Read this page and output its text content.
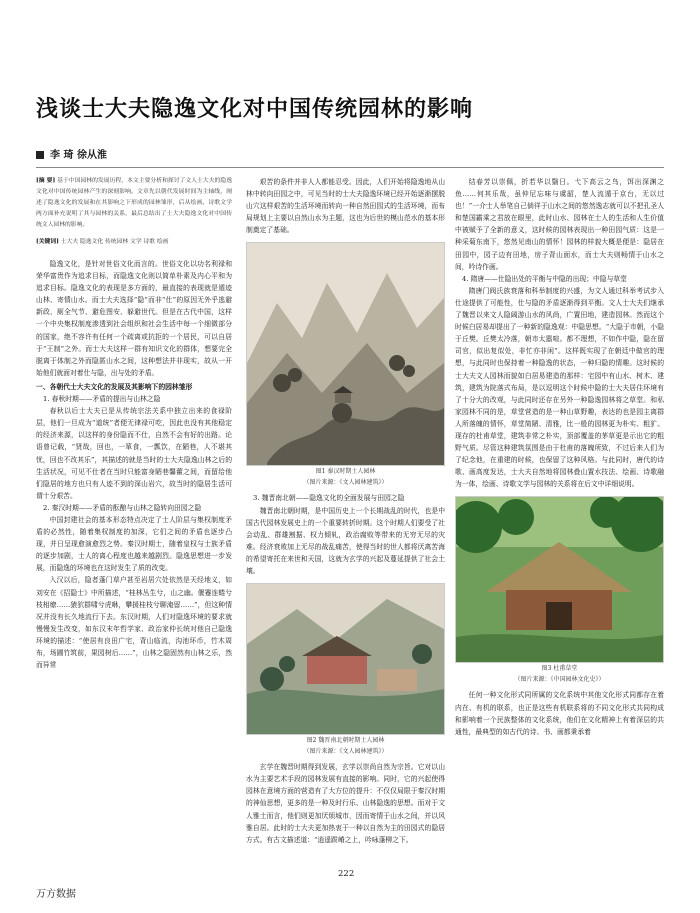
浅谈士大夫隐逸文化对中国传统园林的影响
李 琦 徐从淮

[摘 要] 基于中国园林的发展历程，本文主要分析和探讨了文人士大夫的隐逸文化对中国传统园林产生的深刻影响。文章先以朝代发展时间为主轴线，阐述了隐逸文化的发展和在其影响之下形成的园林雏形，后从绘画、诗歌文学两方面补充说明了其与园林的关系，最后总结出了士大夫隐逸文化对中国传统文人园林的影响。

[关键词] 士大夫 隐逸文化 传统园林 文学 诗歌 绘画

隐逸文化，是针对世俗文化而言的。世俗文化以功名利禄和荣华富贵作为追求目标，而隐逸文化则以简单朴素及内心平和为追求目标。隐逸文化的表现是多方面的，最直接的表现就是遁迹山林、寄情山水。而士大夫选择“隐”而非“仕”的原因无外乎逃避新政、厕全气节、避危图安、躲避世代。但是在古代中国，这样一个中央集权制度渗透到社会组织和社会生活中每一个细微部分的国家，绝不容许有任何一个疏离或抗拒的一个居民，可以自居于“王制”之外。而士大夫这样一群有知识文化的群体，想要完全脱离于体制之外而隐匿山水之间，这种想法并非现实，故从一开始他们就面对着仕与隐，出与处的矛盾。

一、各朝代士大夫文化的发展及其影响下的园林雏形

1. 春秋时期——矛盾的提出与山林之隐

春秋以后士大夫已是从传统宗法关系中独立出来的食禄阶层，他们一旦成为“道统”者便无律禄可吃，因此也没有其他稳定的经济来源，以这样的身份隐而不仕，自然不会有好的出路。论语曾记载，“贤哉，回也，一箪食，一瓢饮，在陋巷，人不堪其忧，回也不改其乐”，其描述的就是当时的士大夫隐逸山林之后的生活状况，可见不仕者在当时只能富身陋巷馨藿之间，而留给他们隐居的地方也只有人迹不到的深山岩穴，故当时的隐居生活可谓十分艰苦。

2. 秦汉时期——矛盾的酝酿与山林之隐转向田园之隐

中国封建社会的基本形态特点决定了士人阶层与集权制度矛盾的必然性，随着集权制度的加深，它们之间的矛盾也逐步凸现，并日呈现愈演愈烈之势。秦汉时期士，随着皇权与士族矛盾的逐步加剧，士人的离心程度也越来越剧烈。隐逸思想进一步发展，而隐逸的环境也在这时发生了质的改变。

入汉以后，隐者蓬门草户甚至岩居穴处依然是天经地义，如刘安在《招隐士》中所描述，“桂林丛生兮，山之幽。偃蹇连蜷兮枝相缭……猿狖群啸兮虎咻，攀援桂枝兮聊淹留……”，但这种情况并没有长久地流行下去。东汉时期，人们对隐逸环境的要求就慢慢发生改变，如东汉末年哲学家、政治家仲长统对他自己隐逸环境的描述：“使居有良田广宅，背山临流，沟池环币，竹木周布，场圃竹筑前，果园树后……”，山林之隐固然有山林之乐，然而异常

艰苦的条件并非人人都能忍受。因此，人们开始将隐逸地从山林中转向田园之中，可见当时的士大夫隐逸环境已经开始逐渐摆脱山穴这样艰苦的生活环境而转向一种自然田园式的生活环境，而布局规划上主要以自然山水为主题，这也为后世的模山范水的基本形制奠定了基础。

图1 秦汉时期士人园林

（图片来源：《文人园林建筑》）

3. 魏晋南北朝——隐逸文化的全面发展与田园之隐

魏晋南北朝时期，是中国历史上一个长期战乱的时代，也是中国古代园林发展史上的一个重要转折时期。这个时期人们要受了社会动乱、群雄割据、权力倾轧，政治腐败等带来的无穷无尽的灾难。经济衰败加上无尽的战乱痛苦，使得当时的世人都将厌离苦海的希望寄托在来世和天国，这就为玄学的兴起及蔓延提供了社会土壤。

图2 魏晋南北朝时期士人园林

（图片来源：《文人园林建筑》）

玄学在魏晋时期得到发展，玄学以崇尚自然为宗旨。它对以山水为主要艺术手段的园林发展有直接的影响。同时，它的兴起使得园林在意境方面的营造有了大方位的提升：不仅仅局限于秦汉时期的神仙思想，更多的是一种及时行乐、山林隐逸的思想。而对于文人雅士而言，他们则更加厌烦城市，因而寄情于山水之间，并以风雅自居。此时的士大夫更加热衷于一种以自然为主的田园式的隐居方式。有古文描述道：“逍遥跋嵴之上，吟咏蓬柳之下。

结春芳以崇佩，折若华以翳日。弋下高云之鸟，饵出深渊之鱼……何其乐哉，虽仲尼忘味与虞韶，楚人流遁于京台，无以过也！”一介士人举笔自己倘徉于山水之间的悠然逸志就可以不把孔圣人和楚国霸乘之君放在眼里，此时山水、园林在士人的生活和人生价值中被赋予了全新的意义，这时候的园林表现出一种田园气质：这是一种采菊东南下，悠然见南山的情怀！园林的样貌大概是便是：隐居在田园中，园子边有田地，房子背山面水，而士大夫则畅情于山水之间，吟诗作画。

4. 隋唐——仕隐出处的平衡与中隐的出现；中隐与草堂

隋唐门阀氏族衰落和科举制度的兴盛，为文人通过科举考试步入仕途提供了可能性，仕与隐的矛盾逐渐得到平衡。文人士大夫们继承了魏晋以来文人隐阔游山水的风尚，广置田地，建造园林。然而这个时候白居易却提出了一种新的隐逸观：中隐思想。“大隐于市朝，小隐于丘樊。丘樊太冷落，朝市太嚣喧。都不理想，不如作中隐，隐在留司官，似出复似处，非忙亦非闲”。这样既实现了在朝廷中做官的理想，与此同时也保持着一种隐逸的状态，一种归隐的情趣。这时候的士大夫文人园林而貌如白居易建造的那样：宅园中有山水、树木、建筑，建筑为院落式布局，是以逗明这个时候中隐的士大夫居住环境有了十分大的改观，与此同时还存在另外一种隐逸园林将之草堂。和私家园林不同的是，草堂营造的是一种山草野趣，表达的也是园主离群人所落魄的情怀，草堂简陋、清雅，比一般的园林更为朴实、粗犷。现存的杜甫草堂，建筑非常之朴实，顶部覆盖的茅草更是示出它的粗野气质。尽管这种建筑氛围是由于杜甫的落魄所致，不过后来人们为了纪念他，在重建的时候，也保留了这种风格。与此同时，唐代的诗歌、画高度发达，士大夫自然地将园林叠山置水技法、绘画、诗歌融为一体，绘画、诗歌文学与园林的关系将在后文中详细说明。

图3 杜甫草堂

（图片来源：《中国园林文化史》）

任何一种文化形式同所属的文化系统中其他文化形式同都存在着内在、有机的联系，也正是这些有机联系将的不同文化形式共同构成和影响着一个民族整体的文化系统，他们在文化精神上有着深层的共通性，最典型的如古代的诗、书、画都秉承着

222
万方数据
